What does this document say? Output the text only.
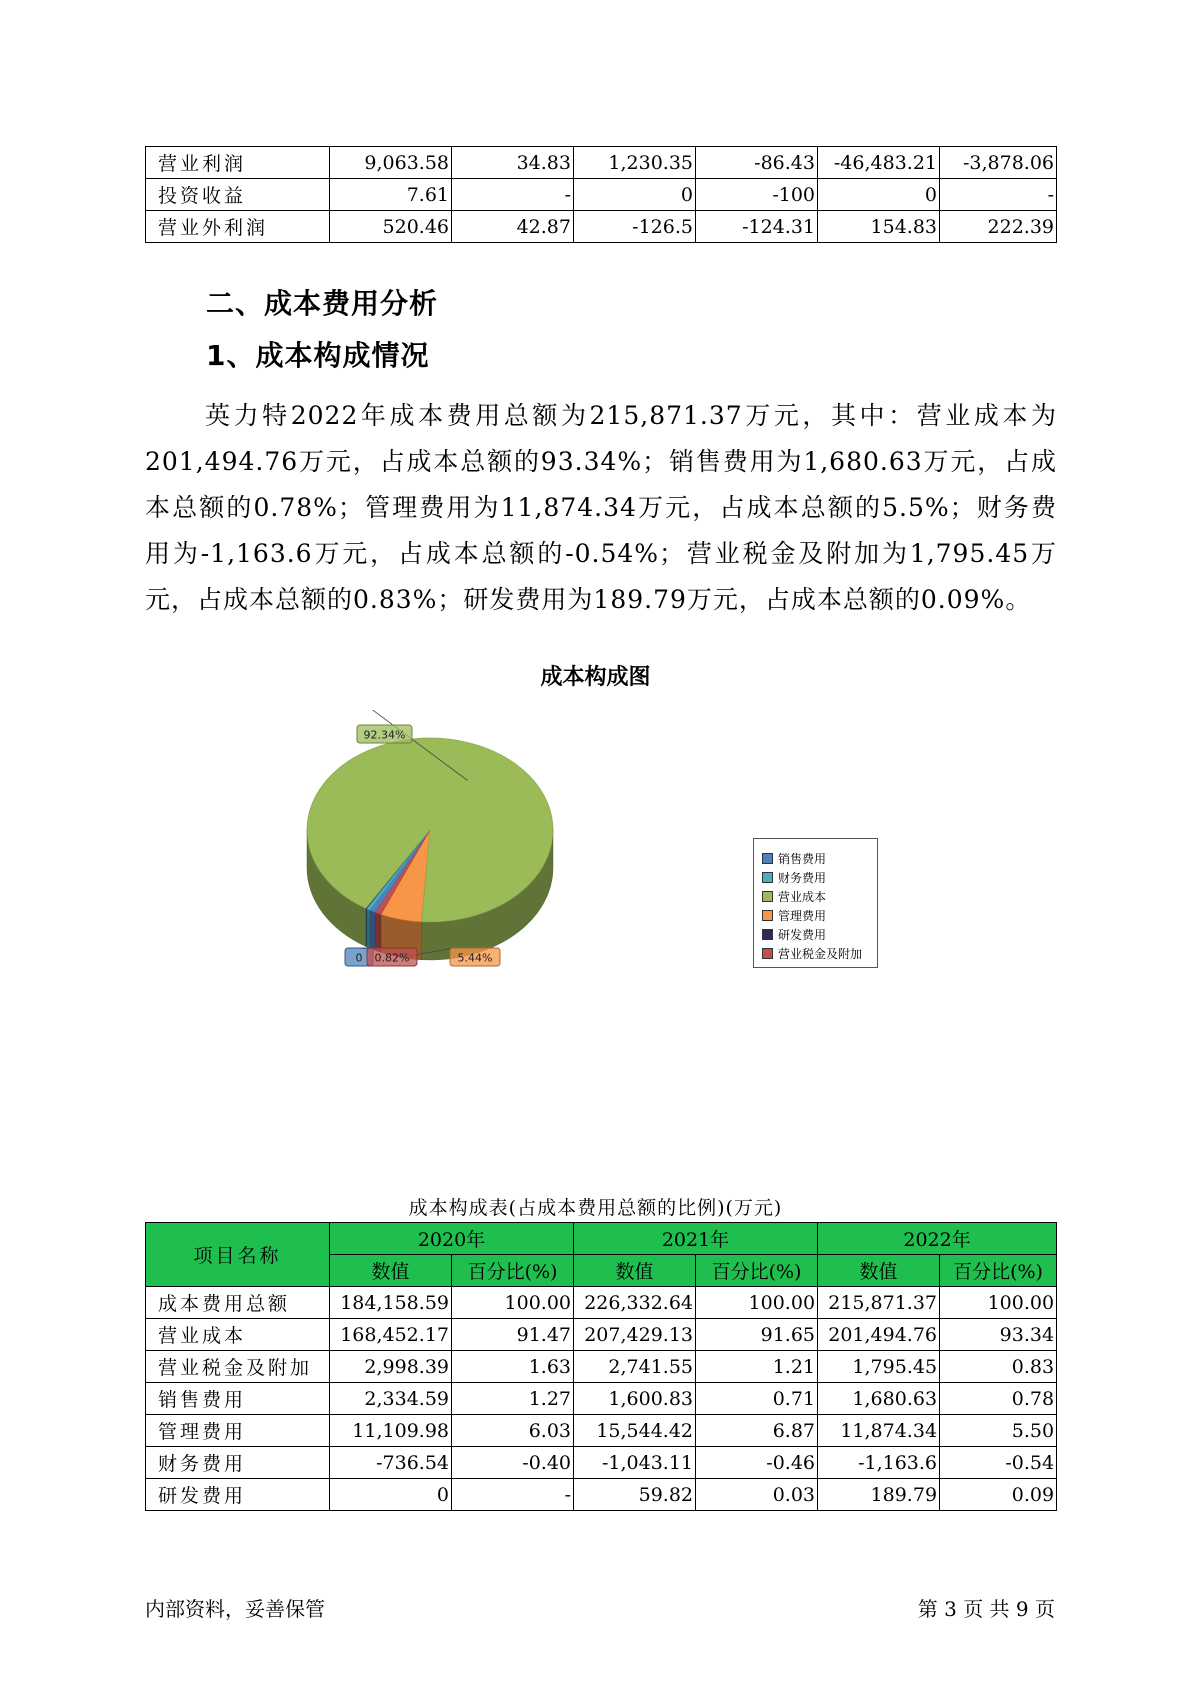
营业利润	9,063.58	34.83	1,230.35	-86.43	-46,483.21	-3,878.06
投资收益	7.61	-	0	-100	0	-
营业外利润	520.46	42.87	-126.5	-124.31	154.83	222.39
二、成本费用分析
1、成本构成情况
英力特2022年成本费用总额为215,871.37万元，其中：营业成本为201,494.76万元，占成本总额的93.34%；销售费用为1,680.63万元，占成本总额的0.78%；管理费用为11,874.34万元，占成本总额的5.5%；财务费用为-1,163.6万元，占成本总额的-0.54%；营业税金及附加为1,795.45万元，占成本总额的0.83%；研发费用为189.79万元，占成本总额的0.09%。
成本构成图
92.34%
0 0.82%	5.44%
销售费用
财务费用
营业成本
管理费用
研发费用
营业税金及附加
成本构成表(占成本费用总额的比例)(万元)
项目名称	2020年		2021年		2022年	
	数值	百分比(%)	数值	百分比(%)	数值	百分比(%)
成本费用总额	184,158.59	100.00	226,332.64	100.00	215,871.37	100.00
营业成本	168,452.17	91.47	207,429.13	91.65	201,494.76	93.34
营业税金及附加	2,998.39	1.63	2,741.55	1.21	1,795.45	0.83
销售费用	2,334.59	1.27	1,600.83	0.71	1,680.63	0.78
管理费用	11,109.98	6.03	15,544.42	6.87	11,874.34	5.50
财务费用	-736.54	-0.40	-1,043.11	-0.46	-1,163.6	-0.54
研发费用	0	-	59.82	0.03	189.79	0.09
内部资料，妥善保管	第 3 页 共 9 页
